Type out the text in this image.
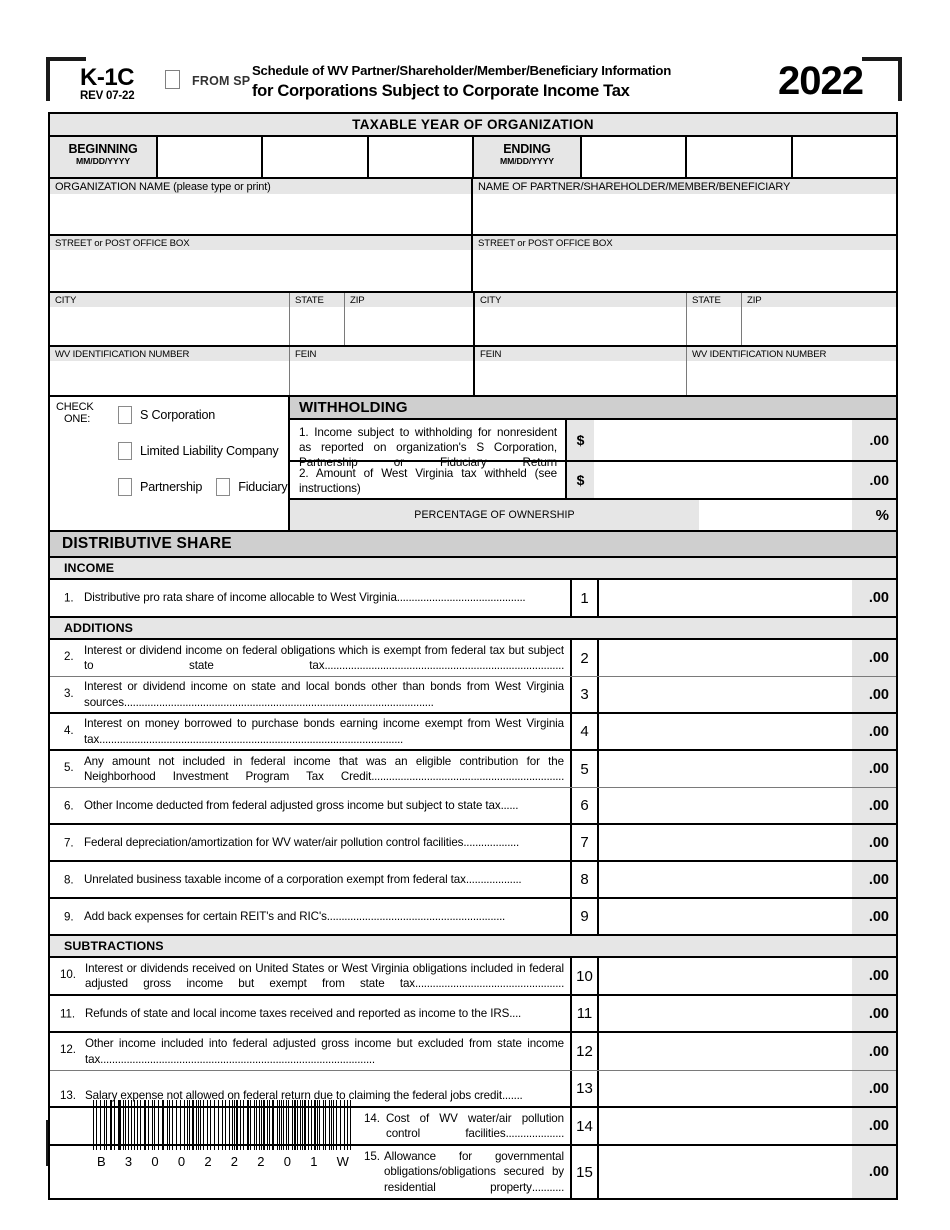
K-1C
REV 07-22
FROM SP
Schedule of WV Partner/Shareholder/Member/Beneficiary Information
for Corporations Subject to Corporate Income Tax	2022
TAXABLE YEAR OF ORGANIZATION
BEGINNING
MM/DD/YYYY
ENDING
MM/DD/YYYY
ORGANIZATION NAME (please type or print)	NAME OF PARTNER/SHAREHOLDER/MEMBER/BENEFICIARY
STREET or POST OFFICE BOX	STREET or POST OFFICE BOX
CITY	STATE	ZIP	CITY	STATE	ZIP
WV IDENTIFICATION NUMBER	FEIN	FEIN	WV IDENTIFICATION NUMBER
CHECK
ONE:	S Corporation
Limited Liability Company
Partnership	Fiduciary
WITHHOLDING
1. Income subject to withholding for nonresident as reported on organization's S Corporation, Partnership or Fiduciary Return
$	.00
2. Amount of West Virginia tax withheld (see instructions)	$	.00
PERCENTAGE OF OWNERSHIP	%
DISTRIBUTIVE SHARE
INCOME
1. Distributive pro rata share of income allocable to West Virginia............................................	1	.00
ADDITIONS
2. Interest or dividend income on federal obligations which is exempt from federal tax but subject to state tax..................................................................................	2	.00
3.
Interest or dividend income on state and local bonds other than bonds from West Virginia sources..........................................................................................................	3	.00
4.
Interest on money borrowed to purchase bonds earning income exempt from West Virginia tax........................................................................................................	4	.00
5. Any amount not included in federal income that was an eligible contribution for the Neighborhood Investment Program Tax Credit..................................................................	5	.00
6. Other Income deducted from federal adjusted gross income but subject to state tax......	6	.00
7. Federal depreciation/amortization for WV water/air pollution control facilities...................	7	.00
8. Unrelated business taxable income of a corporation exempt from federal tax...................	8	.00
9. Add back expenses for certain REIT's and RIC's.............................................................	9	.00
SUBTRACTIONS
10. Interest or dividends received on United States or West Virginia obligations included in federal adjusted gross income but exempt from state tax................................................... 10	.00
11. Refunds of state and local income taxes received and reported as income to the IRS....	11	.00
12. Other income included into federal adjusted gross income but excluded from state income tax..............................................................................................	12	.00
13. Salary expense not allowed on federal return due to claiming the federal jobs credit.......	13	.00
14. Cost of WV water/air pollution control facilities.................... 14	.00
15. Allowance for governmental obligations/obligations secured by residential property...........
15	.00
B 3 0 0 2 2 2 0 1 W
